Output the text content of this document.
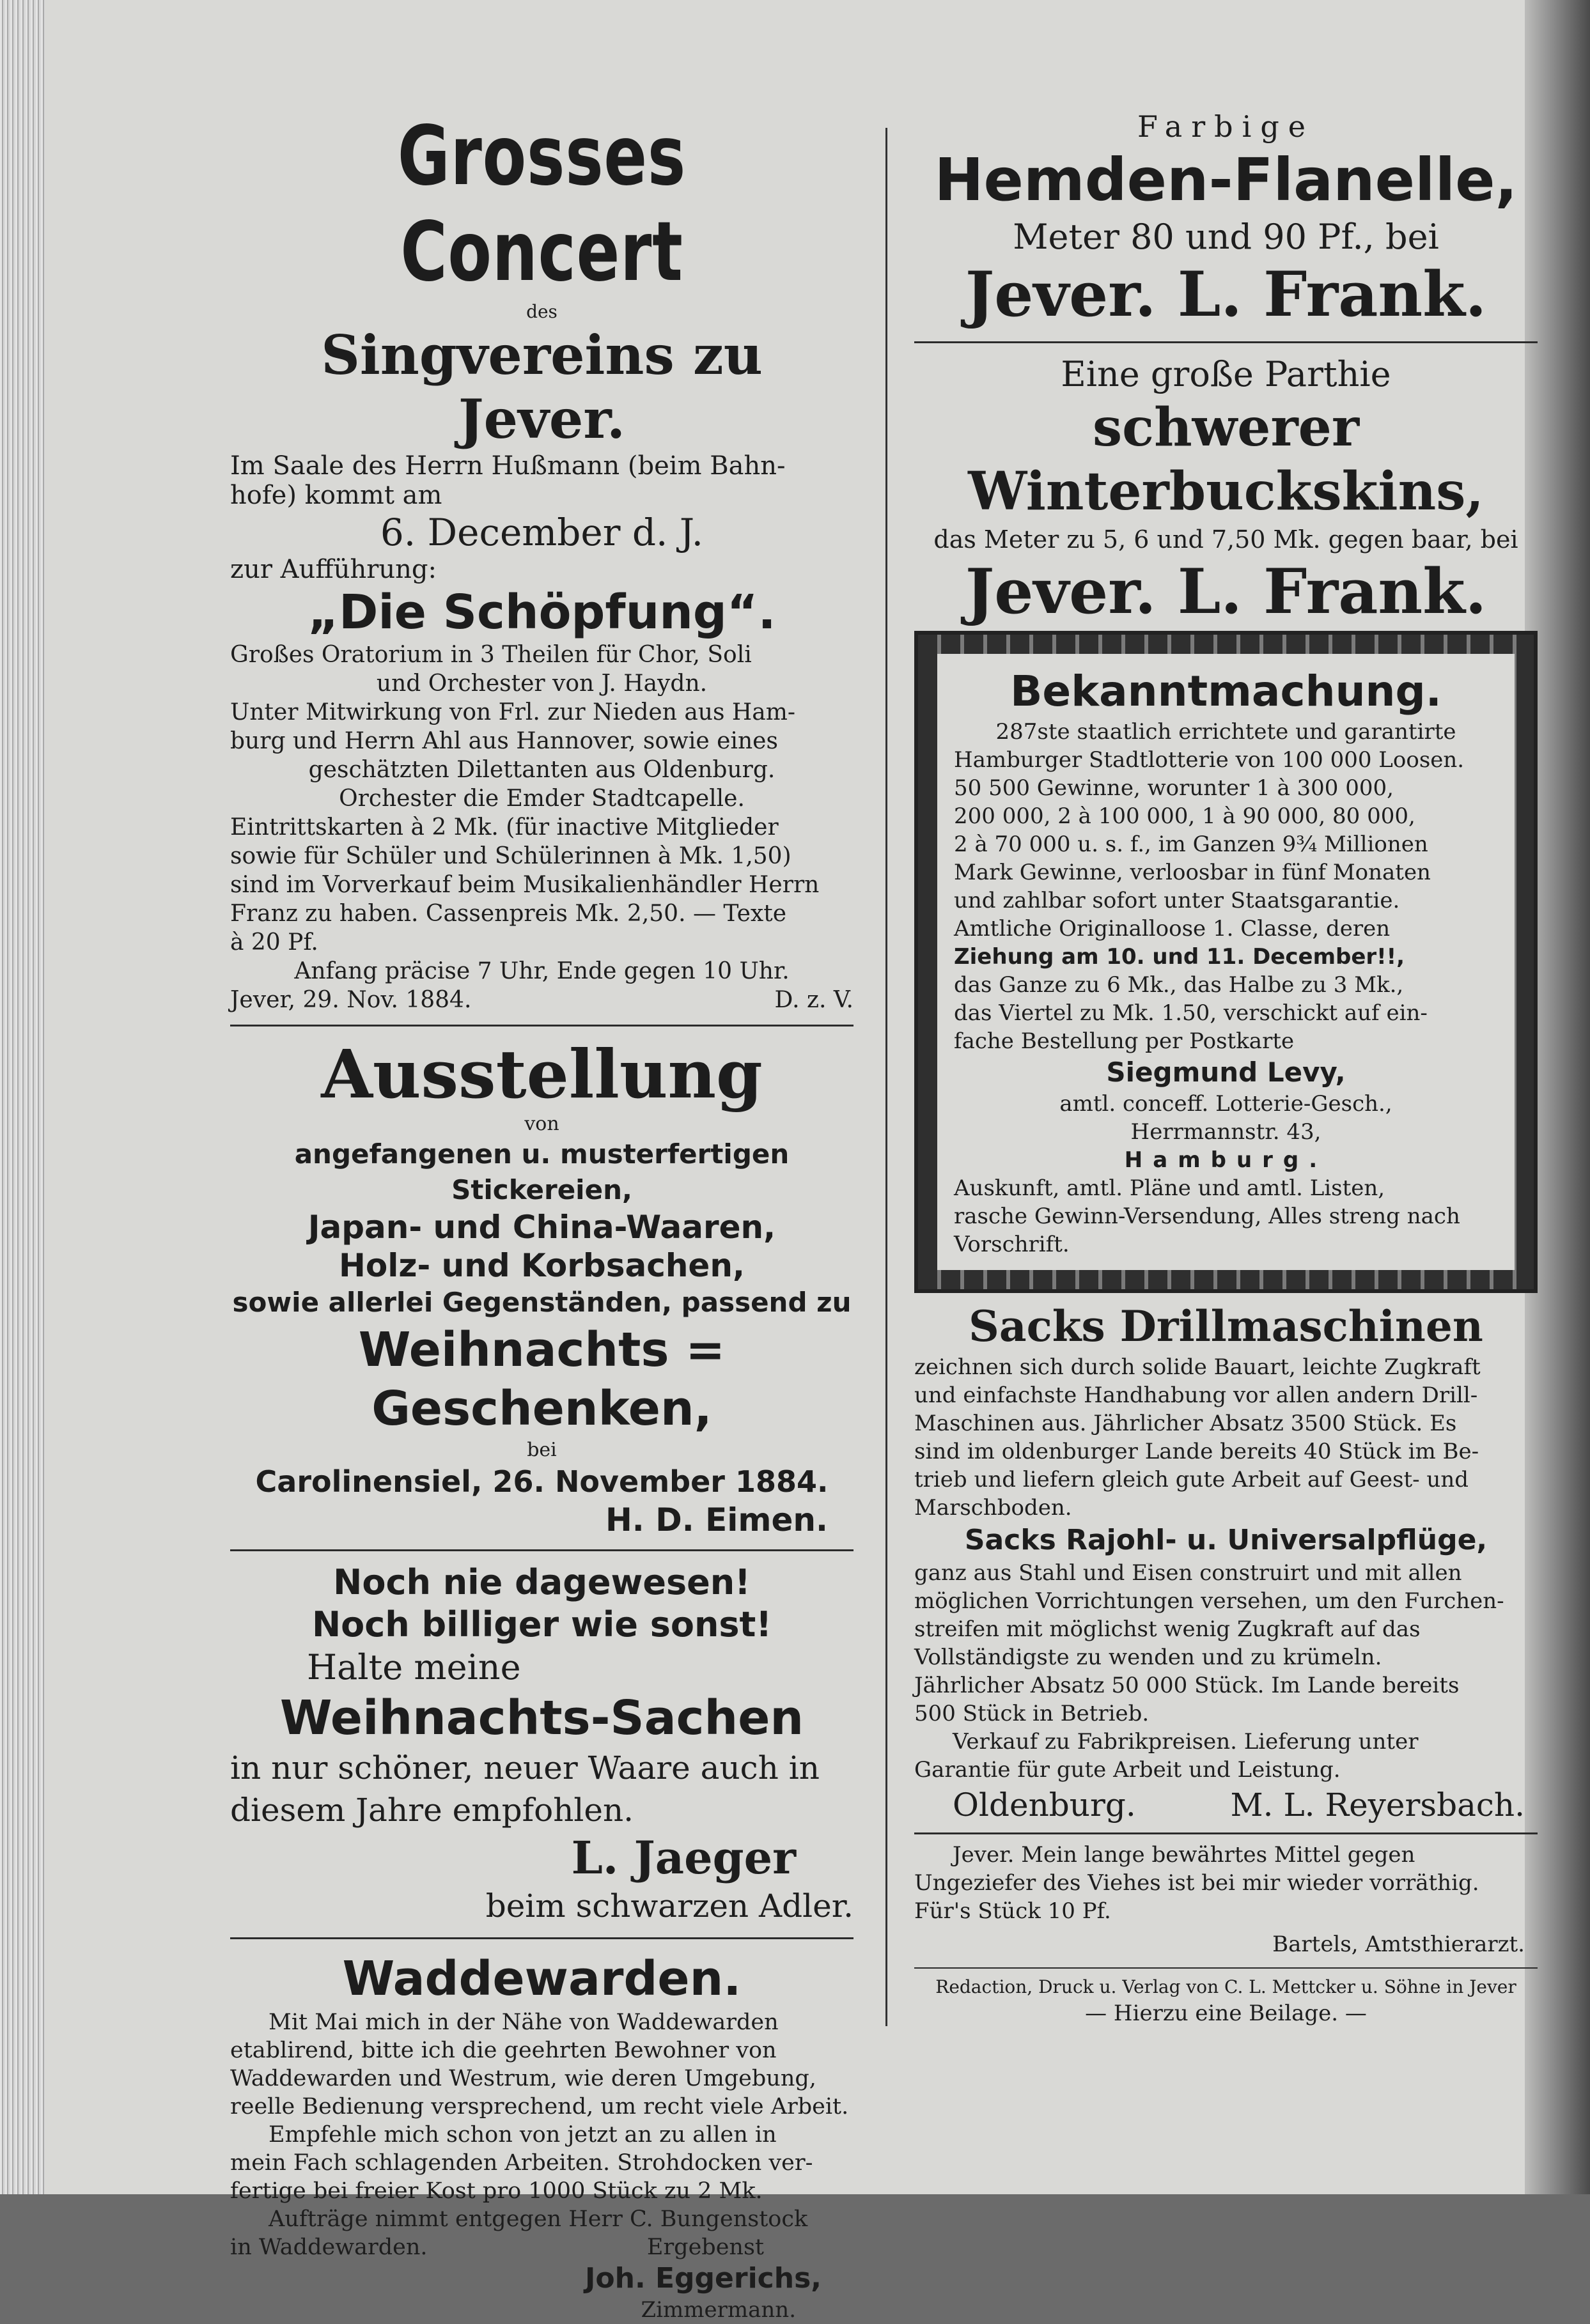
Grosses Concert

des

Singvereins zu Jever.

Im Saale des Herrn Hußmann (beim Bahn-

hofe) kommt am

6. December d. J.

zur Aufführung:

„Die Schöpfung“.

Großes Oratorium in 3 Theilen für Chor, Soli

und Orchester von J. Haydn.

Unter Mitwirkung von Frl. zur Nieden aus Ham-

burg und Herrn Ahl aus Hannover, sowie eines

geschätzten Dilettanten aus Oldenburg.

Orchester die Emder Stadtcapelle.

Eintrittskarten à 2 Mk. (für inactive Mitglieder

sowie für Schüler und Schülerinnen à Mk. 1,50)

sind im Vorverkauf beim Musikalienhändler Herrn

Franz zu haben. Cassenpreis Mk. 2,50. — Texte

à 20 Pf.

Anfang präcise 7 Uhr, Ende gegen 10 Uhr.

Jever, 29. Nov. 1884.	D. z. V.

Ausstellung

von

angefangenen u. musterfertigen Stickereien,

Japan- und China-Waaren,

Holz- und Korbsachen,

sowie allerlei Gegenständen, passend zu

Weihnachts = Geschenken,

bei

Carolinensiel, 26. November 1884.

H. D. Eimen.

Noch nie dagewesen!

Noch billiger wie sonst!

Halte meine

Weihnachts-Sachen

in nur schöner, neuer Waare auch in

diesem Jahre empfohlen.

L. Jaeger

beim schwarzen Adler.

Waddewarden.

Mit Mai mich in der Nähe von Waddewarden

etablirend, bitte ich die geehrten Bewohner von

Waddewarden und Westrum, wie deren Umgebung,

reelle Bedienung versprechend, um recht viele Arbeit.

Empfehle mich schon von jetzt an zu allen in

mein Fach schlagenden Arbeiten. Strohdocken ver-

fertige bei freier Kost pro 1000 Stück zu 2 Mk.

Aufträge nimmt entgegen Herr C. Bungenstock

in Waddewarden.	Ergebenst

Joh. Eggerichs,

Zimmermann.

Farbige

Hemden-Flanelle,

Meter 80 und 90 Pf., bei

Jever. L. Frank.

Eine große Parthie

schwerer Winterbuckskins,

das Meter zu 5, 6 und 7,50 Mk. gegen baar, bei

Jever. L. Frank.

Bekanntmachung.

287ste staatlich errichtete und garantirte

Hamburger Stadtlotterie von 100 000 Loosen.

50 500 Gewinne, worunter 1 à 300 000,

200 000, 2 à 100 000, 1 à 90 000, 80 000,

2 à 70 000 u. s. f., im Ganzen 9¾ Millionen

Mark Gewinne, verloosbar in fünf Monaten

und zahlbar sofort unter Staatsgarantie.

Amtliche Originalloose 1. Classe, deren

Ziehung am 10. und 11. December!!,

das Ganze zu 6 Mk., das Halbe zu 3 Mk.,

das Viertel zu Mk. 1.50, verschickt auf ein-

fache Bestellung per Postkarte

Siegmund Levy,

amtl. conceff. Lotterie-Gesch.,

Herrmannstr. 43,

Hamburg.

Auskunft, amtl. Pläne und amtl. Listen,

rasche Gewinn-Versendung, Alles streng nach

Vorschrift.

Sacks Drillmaschinen

zeichnen sich durch solide Bauart, leichte Zugkraft

und einfachste Handhabung vor allen andern Drill-

Maschinen aus. Jährlicher Absatz 3500 Stück. Es

sind im oldenburger Lande bereits 40 Stück im Be-

trieb und liefern gleich gute Arbeit auf Geest- und

Marschboden.

Sacks Rajohl- u. Universalpflüge,

ganz aus Stahl und Eisen construirt und mit allen

möglichen Vorrichtungen versehen, um den Furchen-

streifen mit möglichst wenig Zugkraft auf das

Vollständigste zu wenden und zu krümeln.

Jährlicher Absatz 50 000 Stück. Im Lande bereits

500 Stück in Betrieb.

Verkauf zu Fabrikpreisen. Lieferung unter

Garantie für gute Arbeit und Leistung.

Oldenburg.	M. L. Reyersbach.

Jever. Mein lange bewährtes Mittel gegen

Ungeziefer des Viehes ist bei mir wieder vorräthig.

Für's Stück 10 Pf.

Bartels, Amtsthierarzt.

Redaction, Druck u. Verlag von C. L. Mettcker u. Söhne in Jever

— Hierzu eine Beilage. —
